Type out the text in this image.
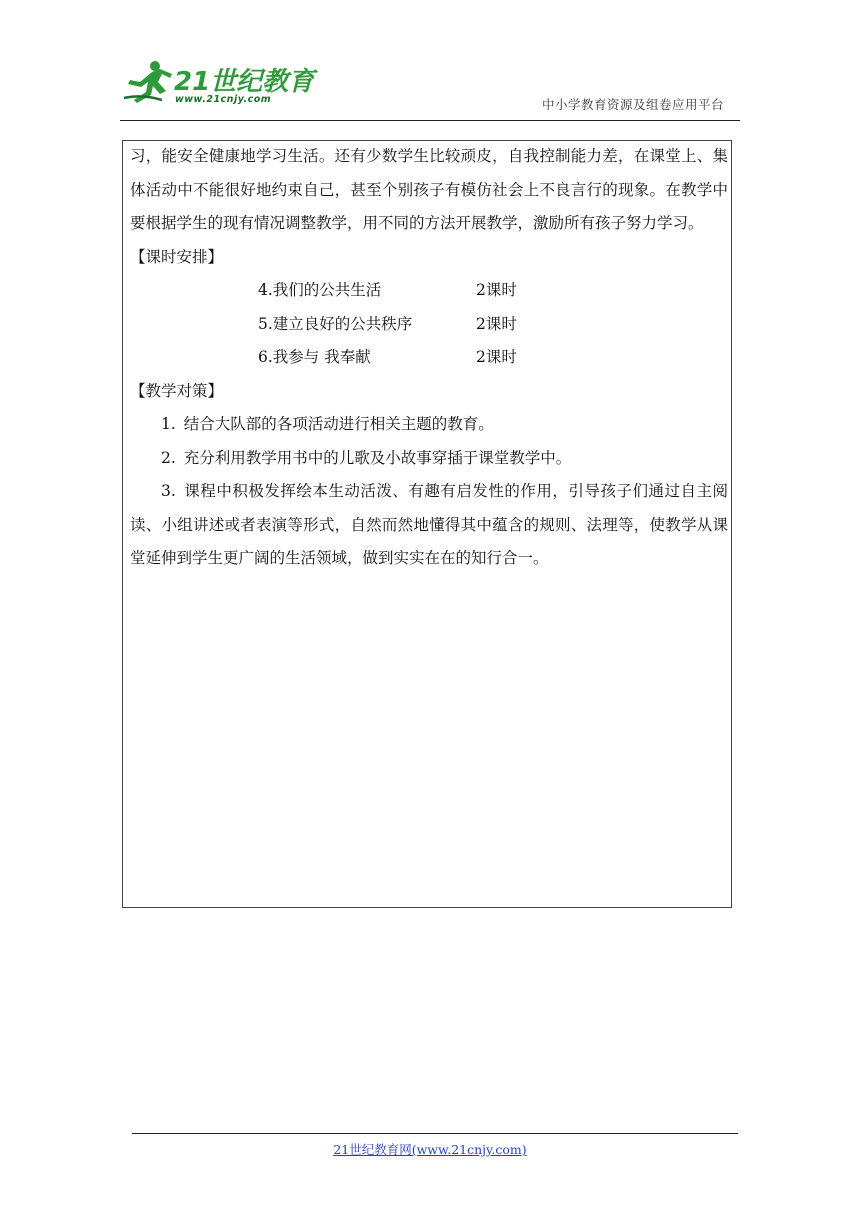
21世纪教育
www.21cnjy.com	中小学教育资源及组卷应用平台

习，能安全健康地学习生活。还有少数学生比较顽皮，自我控制能力差，在课堂上、集体活动中不能很好地约束自己，甚至个别孩子有模仿社会上不良言行的现象。在教学中要根据学生的现有情况调整教学，用不同的方法开展教学，激励所有孩子努力学习。

【课时安排】

4.我们的公共生活	2课时
5.建立良好的公共秩序	2课时
6.我参与 我奉献	2课时

【教学对策】

1. 结合大队部的各项活动进行相关主题的教育。

2. 充分利用教学用书中的儿歌及小故事穿插于课堂教学中。

3. 课程中积极发挥绘本生动活泼、有趣有启发性的作用，引导孩子们通过自主阅读、小组讲述或者表演等形式，自然而然地懂得其中蕴含的规则、法理等，使教学从课堂延伸到学生更广阔的生活领域，做到实实在在的知行合一。

21世纪教育网(www.21cnjy.com)
